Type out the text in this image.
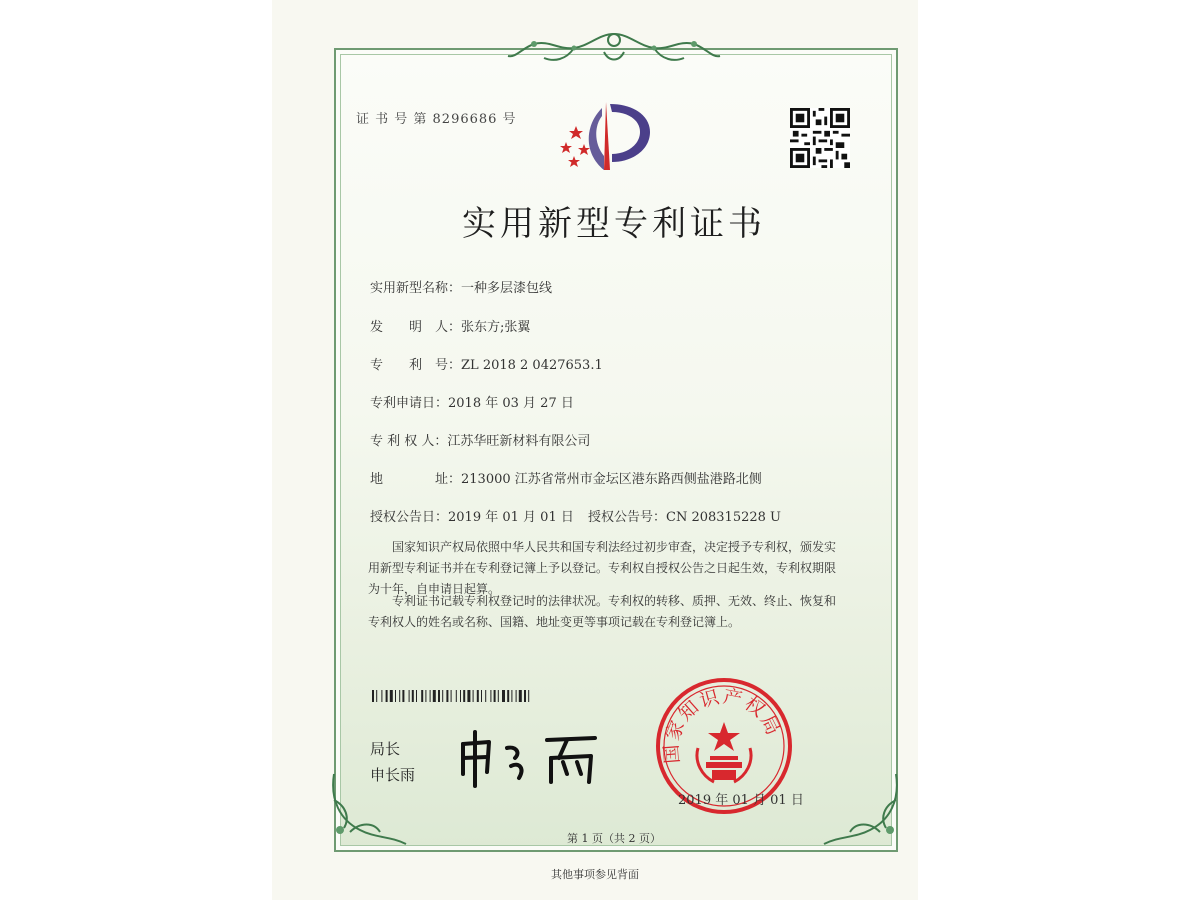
证 书 号 第 8296686 号
实用新型专利证书
实用新型名称：一种多层漆包线
发　　明　人：张东方;张翼
专　　利　号：ZL 2018 2 0427653.1
专利申请日：2018 年 03 月 27 日
专 利 权 人：江苏华旺新材料有限公司
地　　　　址：213000 江苏省常州市金坛区港东路西侧盐港路北侧
授权公告日：2019 年 01 月 01 日 授权公告号：CN 208315228 U
国家知识产权局依照中华人民共和国专利法经过初步审查，决定授予专利权，颁发实用新型专利证书并在专利登记簿上予以登记。专利权自授权公告之日起生效，专利权期限为十年，自申请日起算。
专利证书记载专利权登记时的法律状况。专利权的转移、质押、无效、终止、恢复和专利权人的姓名或名称、国籍、地址变更等事项记载在专利登记簿上。
局长
申长雨
国家知识产权局
2019 年 01 月 01 日
第 1 页（共 2 页）
其他事项参见背面
